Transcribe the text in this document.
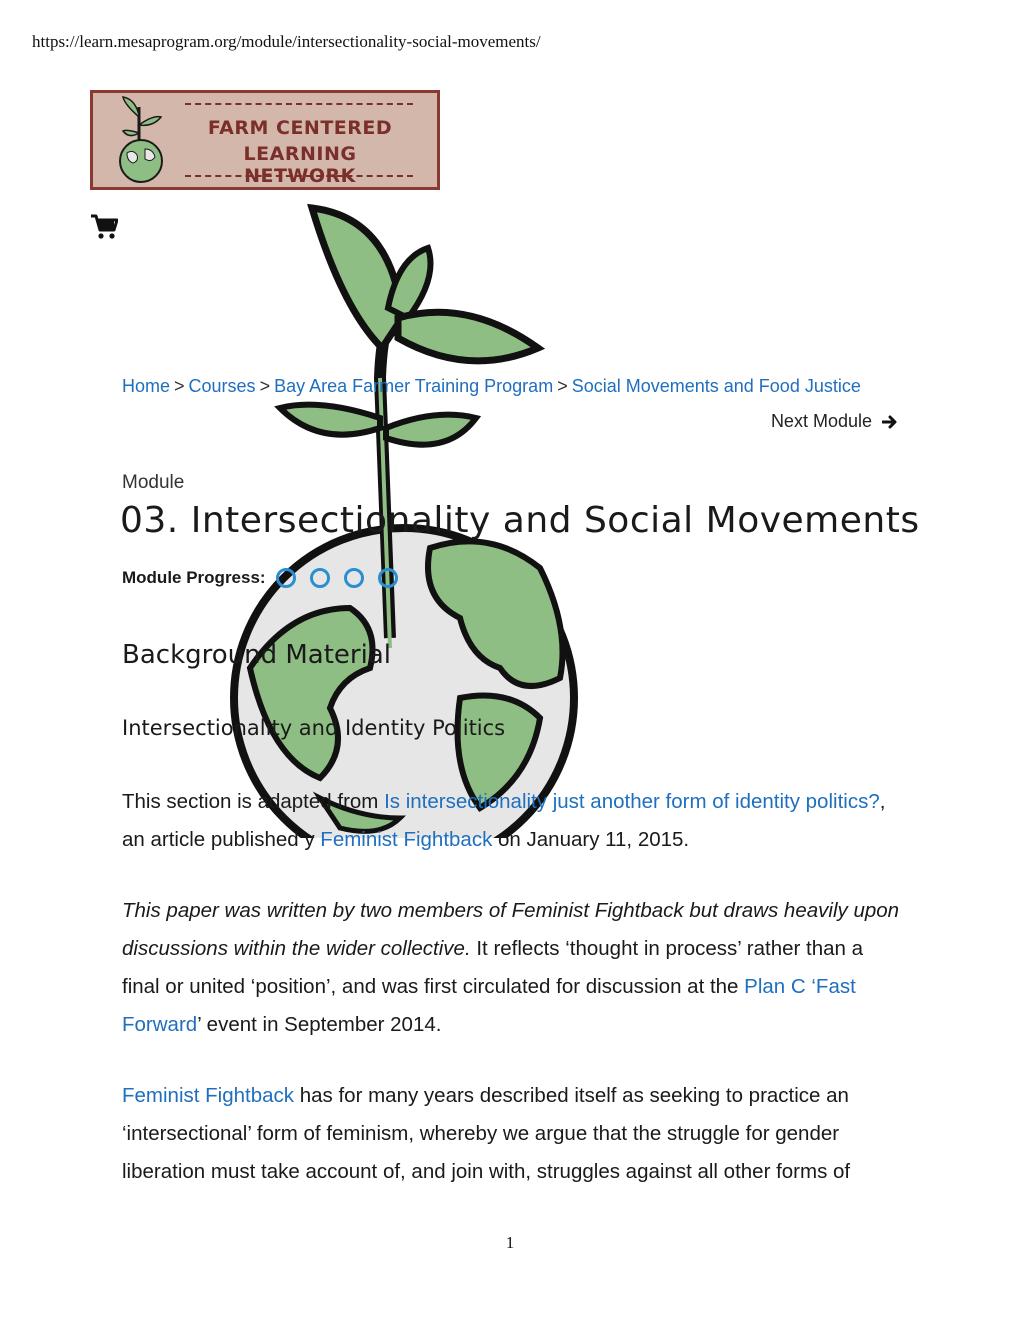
https://learn.mesaprogram.org/module/intersectionality-social-movements/
FARM CENTERED
LEARNING NETWORK
Home > Courses > Bay Area Farmer Training Program > Social Movements and Food Justice
Next Module
Module
03. Intersectionality and Social Movements
Module Progress:
Background Material
Intersectionality and Identity Politics

This section is adapted from Is intersectionality just another form of identity politics?, an article published y Feminist Fightback on January 11, 2015.

This paper was written by two members of Feminist Fightback but draws heavily upon discussions within the wider collective. It reflects ‘thought in process’ rather than a final or united ‘position’, and was first circulated for discussion at the Plan C ‘Fast Forward’ event in September 2014.

Feminist Fightback has for many years described itself as seeking to practice an ‘intersectional’ form of feminism, whereby we argue that the struggle for gender liberation must take account of, and join with, struggles against all other forms of

1
